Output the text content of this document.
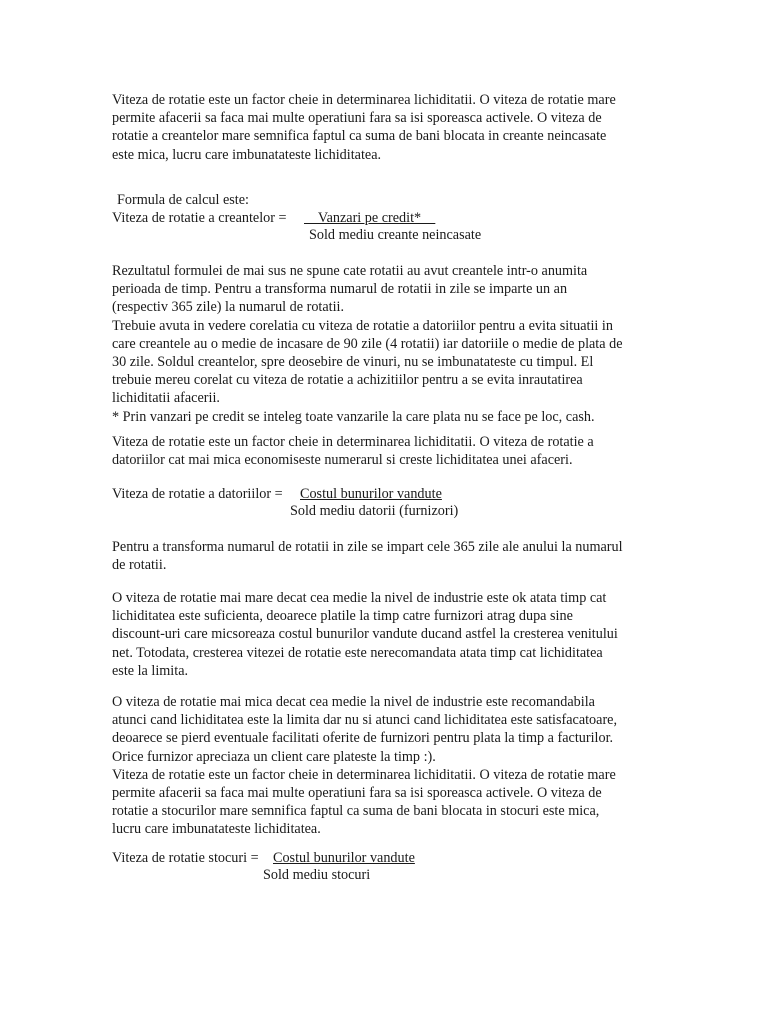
Viteza de rotatie este un factor cheie in determinarea lichiditatii. O viteza de rotatie mare
permite afacerii sa faca mai multe operatiuni fara sa isi sporeasca activele. O viteza de
rotatie a creantelor mare semnifica faptul ca suma de bani blocata in creante neincasate
este mica, lucru care imbunatateste lichiditatea.
Formula de calcul este:
Viteza de rotatie a creantelor = Vanzari pe credit*
Sold mediu creante neincasate
Rezultatul formulei de mai sus ne spune cate rotatii au avut creantele intr-o anumita
perioada de timp. Pentru a transforma numarul de rotatii in zile se imparte un an
(respectiv 365 zile) la numarul de rotatii.
Trebuie avuta in vedere corelatia cu viteza de rotatie a datoriilor pentru a evita situatii in
care creantele au o medie de incasare de 90 zile (4 rotatii) iar datoriile o medie de plata de
30 zile. Soldul creantelor, spre deosebire de vinuri, nu se imbunatateste cu timpul. El
trebuie mereu corelat cu viteza de rotatie a achizitiilor pentru a se evita inrautatirea
lichiditatii afacerii.
* Prin vanzari pe credit se inteleg toate vanzarile la care plata nu se face pe loc, cash.
Viteza de rotatie este un factor cheie in determinarea lichiditatii. O viteza de rotatie a
datoriilor cat mai mica economiseste numerarul si creste lichiditatea unei afaceri.
Viteza de rotatie a datoriilor = Costul bunurilor vandute
Sold mediu datorii (furnizori)
Pentru a transforma numarul de rotatii in zile se impart cele 365 zile ale anului la numarul
de rotatii.
O viteza de rotatie mai mare decat cea medie la nivel de industrie este ok atata timp cat
lichiditatea este suficienta, deoarece platile la timp catre furnizori atrag dupa sine
discount-uri care micsoreaza costul bunurilor vandute ducand astfel la cresterea venitului
net. Totodata, cresterea vitezei de rotatie este nerecomandata atata timp cat lichiditatea
este la limita.
O viteza de rotatie mai mica decat cea medie la nivel de industrie este recomandabila
atunci cand lichiditatea este la limita dar nu si atunci cand lichiditatea este satisfacatoare,
deoarece se pierd eventuale facilitati oferite de furnizori pentru plata la timp a facturilor.
Orice furnizor apreciaza un client care plateste la timp :).
Viteza de rotatie este un factor cheie in determinarea lichiditatii. O viteza de rotatie mare
permite afacerii sa faca mai multe operatiuni fara sa isi sporeasca activele. O viteza de
rotatie a stocurilor mare semnifica faptul ca suma de bani blocata in stocuri este mica,
lucru care imbunatateste lichiditatea.
Viteza de rotatie stocuri = Costul bunurilor vandute
Sold mediu stocuri
